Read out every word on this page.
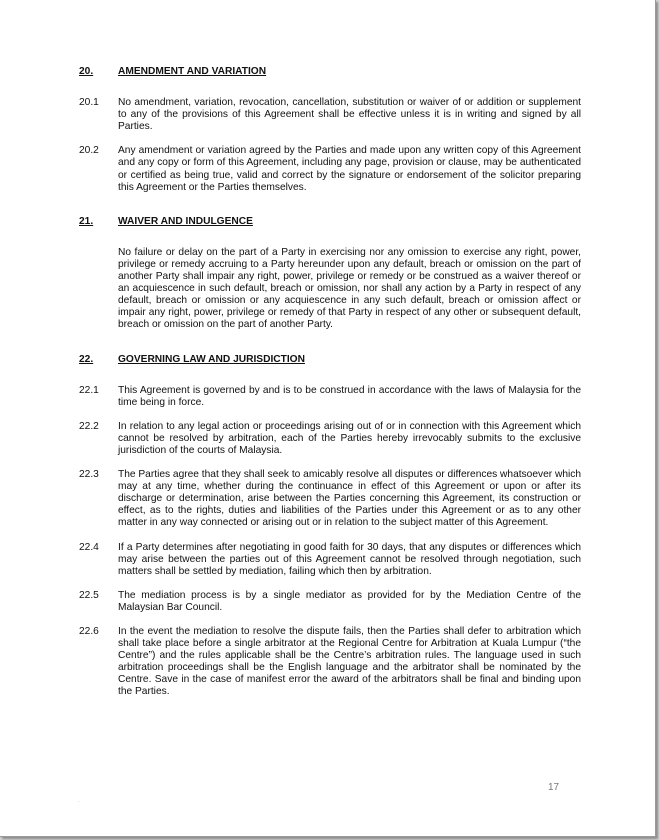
20.	AMENDMENT AND VARIATION
20.1	No amendment, variation, revocation, cancellation, substitution or waiver of or addition or supplement to any of the provisions of this Agreement shall be effective unless it is in writing and signed by all Parties.
20.2	Any amendment or variation agreed by the Parties and made upon any written copy of this Agreement and any copy or form of this Agreement, including any page, provision or clause, may be authenticated or certified as being true, valid and correct by the signature or endorsement of the solicitor preparing this Agreement or the Parties themselves.
21.	WAIVER AND INDULGENCE
No failure or delay on the part of a Party in exercising nor any omission to exercise any right, power, privilege or remedy accruing to a Party hereunder upon any default, breach or omission on the part of another Party shall impair any right, power, privilege or remedy or be construed as a waiver thereof or an acquiescence in such default, breach or omission, nor shall any action by a Party in respect of any default, breach or omission or any acquiescence in any such default, breach or omission affect or impair any right, power, privilege or remedy of that Party in respect of any other or subsequent default, breach or omission on the part of another Party.
22.	GOVERNING LAW AND JURISDICTION
22.1	This Agreement is governed by and is to be construed in accordance with the laws of Malaysia for the time being in force.
22.2	In relation to any legal action or proceedings arising out of or in connection with this Agreement which cannot be resolved by arbitration, each of the Parties hereby irrevocably submits to the exclusive jurisdiction of the courts of Malaysia.
22.3	The Parties agree that they shall seek to amicably resolve all disputes or differences whatsoever which may at any time, whether during the continuance in effect of this Agreement or upon or after its discharge or determination, arise between the Parties concerning this Agreement, its construction or effect, as to the rights, duties and liabilities of the Parties under this Agreement or as to any other matter in any way connected or arising out or in relation to the subject matter of this Agreement.
22.4	If a Party determines after negotiating in good faith for 30 days, that any disputes or differences which may arise between the parties out of this Agreement cannot be resolved through negotiation, such matters shall be settled by mediation, failing which then by arbitration.
22.5	The mediation process is by a single mediator as provided for by the Mediation Centre of the Malaysian Bar Council.
22.6	In the event the mediation to resolve the dispute fails, then the Parties shall defer to arbitration which shall take place before a single arbitrator at the Regional Centre for Arbitration at Kuala Lumpur (“the Centre”) and the rules applicable shall be the Centre’s arbitration rules. The language used in such arbitration proceedings shall be the English language and the arbitrator shall be nominated by the Centre. Save in the case of manifest error the award of the arbitrators shall be final and binding upon the Parties.
17
.
